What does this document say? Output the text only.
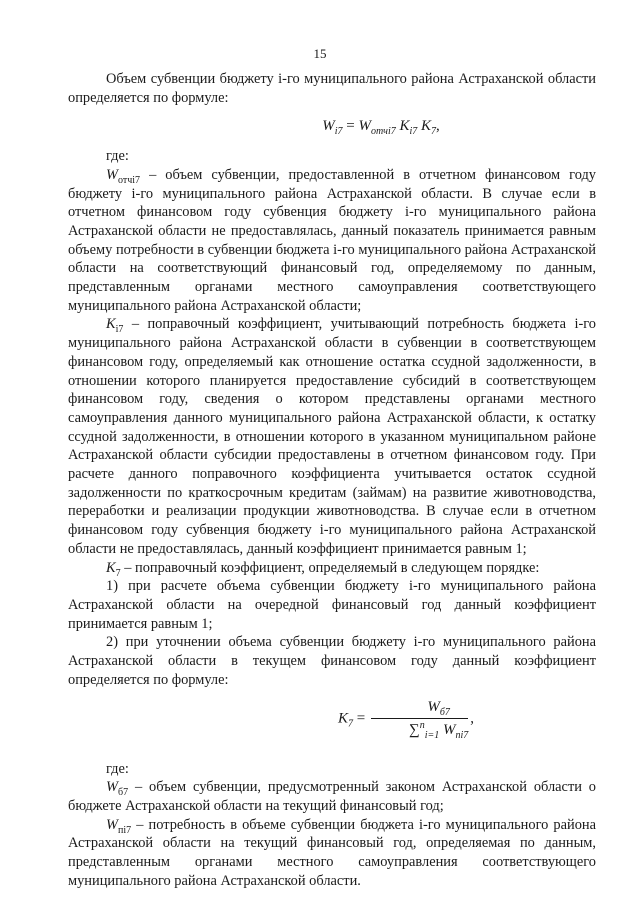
15

Объем субвенции бюджету i-го муниципального района Астраханской области определяется по формуле:

$W_{i7} = W_{отчi7}$ $K_{i7}$ $K_7$,

где:

$W_{отчi7}$ – объем субвенции, предоставленной в отчетном финансовом году бюджету i-го муниципального района Астраханской области. В случае если в отчетном финансовом году субвенция бюджету i-го муниципального района Астраханской области не предоставлялась, данный показатель принимается равным объему потребности в субвенции бюджета i-го муниципального района Астраханской области на соответствующий финансовый год, определяемому по данным, представленным органами местного самоуправления соответствующего муниципального района Астраханской области;

$K_{i7}$ – поправочный коэффициент, учитывающий потребность бюджета i-го муниципального района Астраханской области в субвенции в соответствующем финансовом году, определяемый как отношение остатка ссудной задолженности, в отношении которого планируется предоставление субсидий в соответствующем финансовом году, сведения о котором представлены органами местного самоуправления данного муниципального района Астраханской области, к остатку ссудной задолженности, в отношении которого в указанном муниципальном районе Астраханской области субсидии предоставлены в отчетном финансовом году. При расчете данного поправочного коэффициента учитывается остаток ссудной задолженности по краткосрочным кредитам (займам) на развитие животноводства, переработки и реализации продукции животноводства. В случае если в отчетном финансовом году субвенция бюджету i-го муниципального района Астраханской области не предоставлялась, данный коэффициент принимается равным 1;

$K_7$ – поправочный коэффициент, определяемый в следующем порядке:

1) при расчете объема субвенции бюджету i-го муниципального района Астраханской области на очередной финансовый год данный коэффициент принимается равным 1;

2) при уточнении объема субвенции бюджету i-го муниципального района Астраханской области в текущем финансовом году данный коэффициент определяется по формуле:

$K_7 = \frac{W_{б7}}{\sum^n_{i=1} W_{пi7}}$ ,

где:

$W_{б7}$ – объем субвенции, предусмотренный законом Астраханской области о бюджете Астраханской области на текущий финансовый год;

$W_{пi7}$ – потребность в объеме субвенции бюджета i-го муниципального района Астраханской области на текущий финансовый год, определяемая по данным, представленным органами местного самоуправления соответствующего муниципального района Астраханской области.
